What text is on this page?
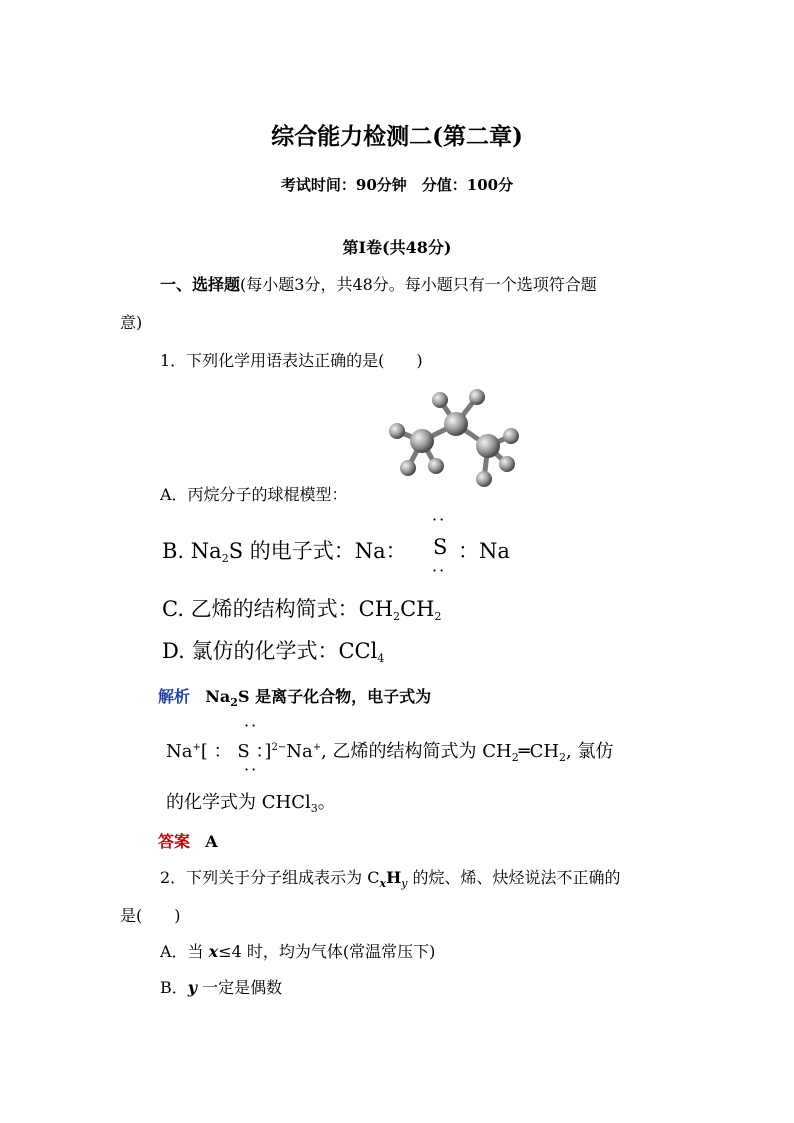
综合能力检测二(第二章)
考试时间：90分钟　分值：100分
第Ⅰ卷(共48分)
一、选择题(每小题3分，共48分。每小题只有一个选项符合题
意)
1．下列化学用语表达正确的是(　　)
A．丙烷分子的球棍模型：
B. $Na_2S$ 的电子式：Na：
··
S
··
：Na
C. 乙烯的结构简式：$CH_2CH_2$
D. 氯仿的化学式：CCl$_4$
解析 $Na_2S$ 是离子化合物，电子式为
··
Na+[ ： S ：]$^{2-}$Na+, 乙烯的结构简式为 $CH_2═CH_2$, 氯仿
··
的化学式为 CHCl$_3$。
答案 A
2．下列关于分子组成表示为 $C_xH_y$ 的烷、烯、炔烃说法不正确的
是(　　)
A．当 x≤4 时，均为气体(常温常压下)
B．y 一定是偶数
